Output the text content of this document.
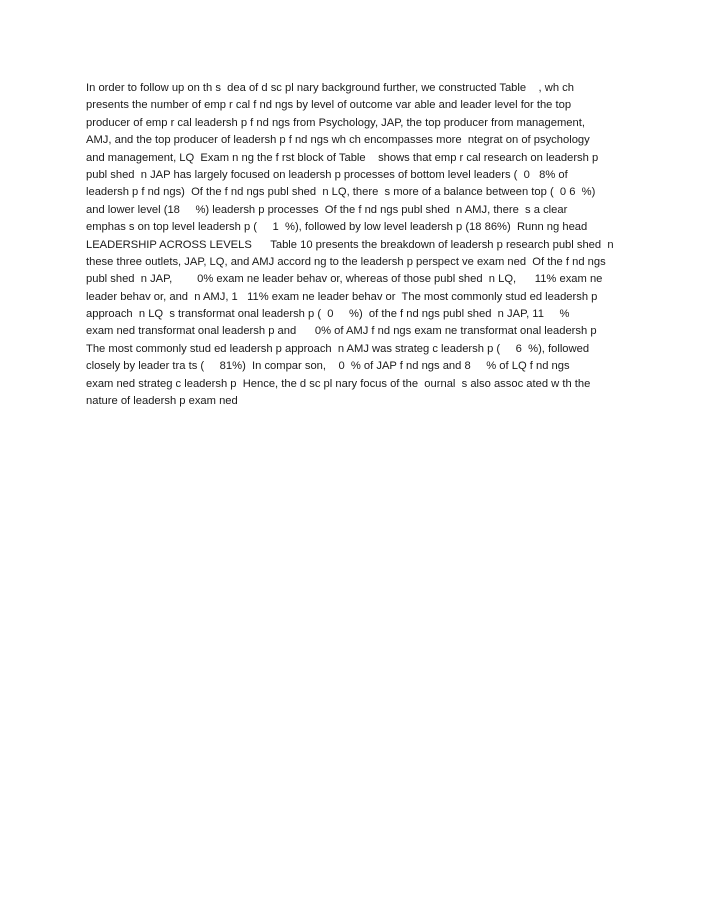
In order to follow up on th s  dea of d sc pl nary background further, we constructed Table    , wh ch
presents the number of emp r cal f nd ngs by level of outcome var able and leader level for the top
producer of emp r cal leadersh p f nd ngs from Psychology, JAP, the top producer from management,
AMJ, and the top producer of leadersh p f nd ngs wh ch encompasses more  ntegrat on of psychology
and management, LQ  Exam n ng the f rst block of Table    shows that emp r cal research on leadersh p
publ shed  n JAP has largely focused on leadersh p processes of bottom level leaders (  0   8% of
leadersh p f nd ngs)  Of the f nd ngs publ shed  n LQ, there  s more of a balance between top (  0 6  %)
and lower level (18     %) leadersh p processes  Of the f nd ngs publ shed  n AMJ, there  s a clear
emphas s on top level leadersh p (     1  %), followed by low level leadersh p (18 86%)  Runn ng head
LEADERSHIP ACROSS LEVELS      Table 10 presents the breakdown of leadersh p research publ shed  n
these three outlets, JAP, LQ, and AMJ accord ng to the leadersh p perspect ve exam ned  Of the f nd ngs
publ shed  n JAP,        0% exam ne leader behav or, whereas of those publ shed  n LQ,      11% exam ne
leader behav or, and  n AMJ, 1   11% exam ne leader behav or  The most commonly stud ed leadersh p
approach  n LQ  s transformat onal leadersh p (  0     %)  of the f nd ngs publ shed  n JAP, 11     %
exam ned transformat onal leadersh p and      0% of AMJ f nd ngs exam ne transformat onal leadersh p
The most commonly stud ed leadersh p approach  n AMJ was strateg c leadersh p (     6  %), followed
closely by leader tra ts (     81%)  In compar son,    0  % of JAP f nd ngs and 8     % of LQ f nd ngs
exam ned strateg c leadersh p  Hence, the d sc pl nary focus of the  ournal  s also assoc ated w th the
nature of leadersh p exam ned
